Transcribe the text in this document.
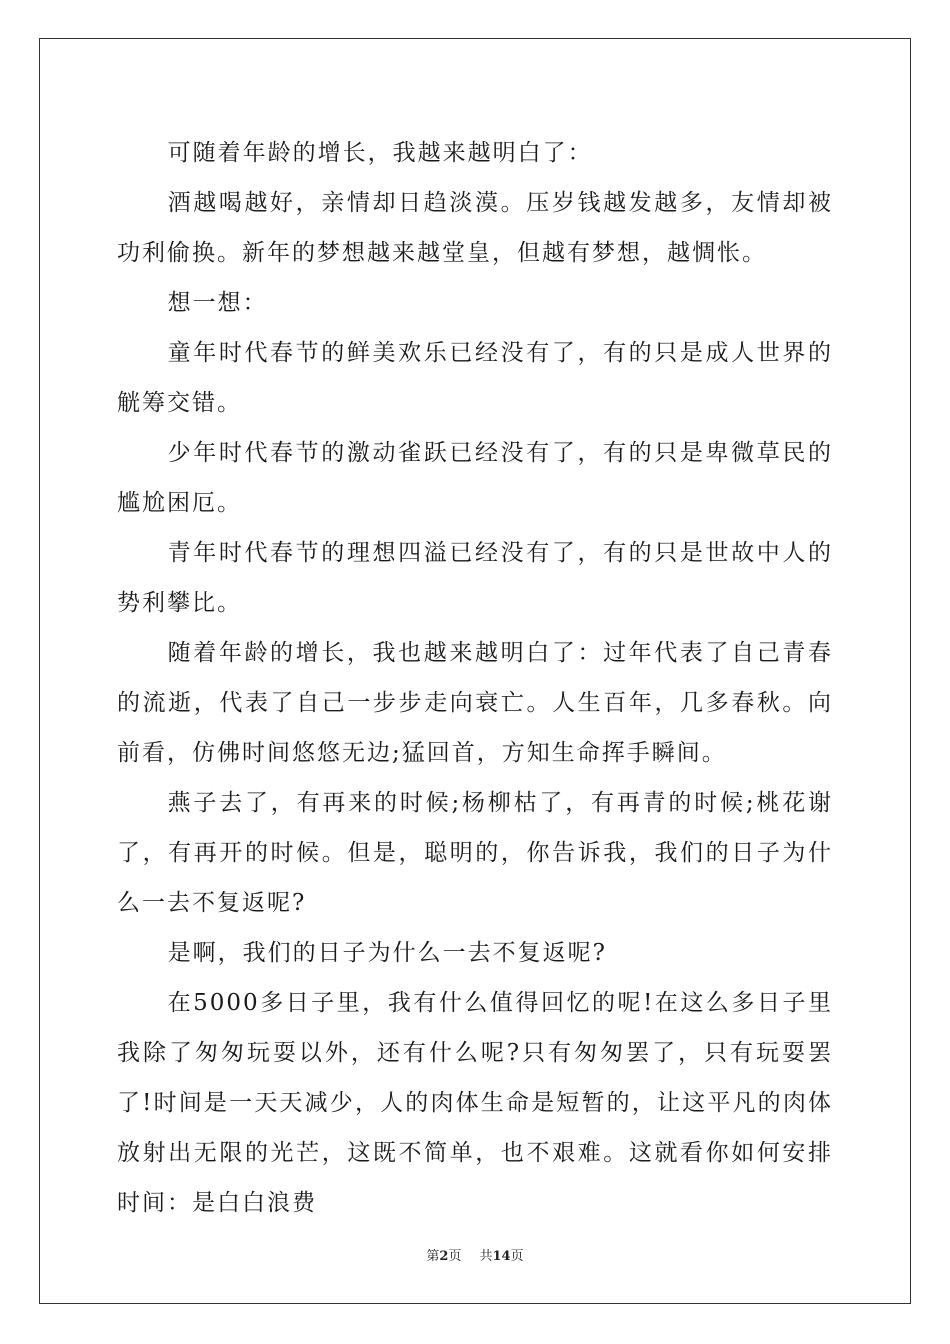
可随着年龄的增长，我越来越明白了：

酒越喝越好，亲情却日趋淡漠。压岁钱越发越多，友情却被功利偷换。新年的梦想越来越堂皇，但越有梦想，越惆怅。

想一想：

童年时代春节的鲜美欢乐已经没有了，有的只是成人世界的觥筹交错。

少年时代春节的激动雀跃已经没有了，有的只是卑微草民的尴尬困厄。

青年时代春节的理想四溢已经没有了，有的只是世故中人的势利攀比。

随着年龄的增长，我也越来越明白了：过年代表了自己青春的流逝，代表了自己一步步走向衰亡。人生百年，几多春秋。向前看，仿佛时间悠悠无边;猛回首，方知生命挥手瞬间。

燕子去了，有再来的时候;杨柳枯了，有再青的时候;桃花谢了，有再开的时候。但是，聪明的，你告诉我，我们的日子为什么一去不复返呢?

是啊，我们的日子为什么一去不复返呢?

在5000多日子里，我有什么值得回忆的呢!在这么多日子里我除了匆匆玩耍以外，还有什么呢?只有匆匆罢了，只有玩耍罢了!时间是一天天减少，人的肉体生命是短暂的，让这平凡的肉体放射出无限的光芒，这既不简单，也不艰难。这就看你如何安排时间：是白白浪费

第2页 共14页
